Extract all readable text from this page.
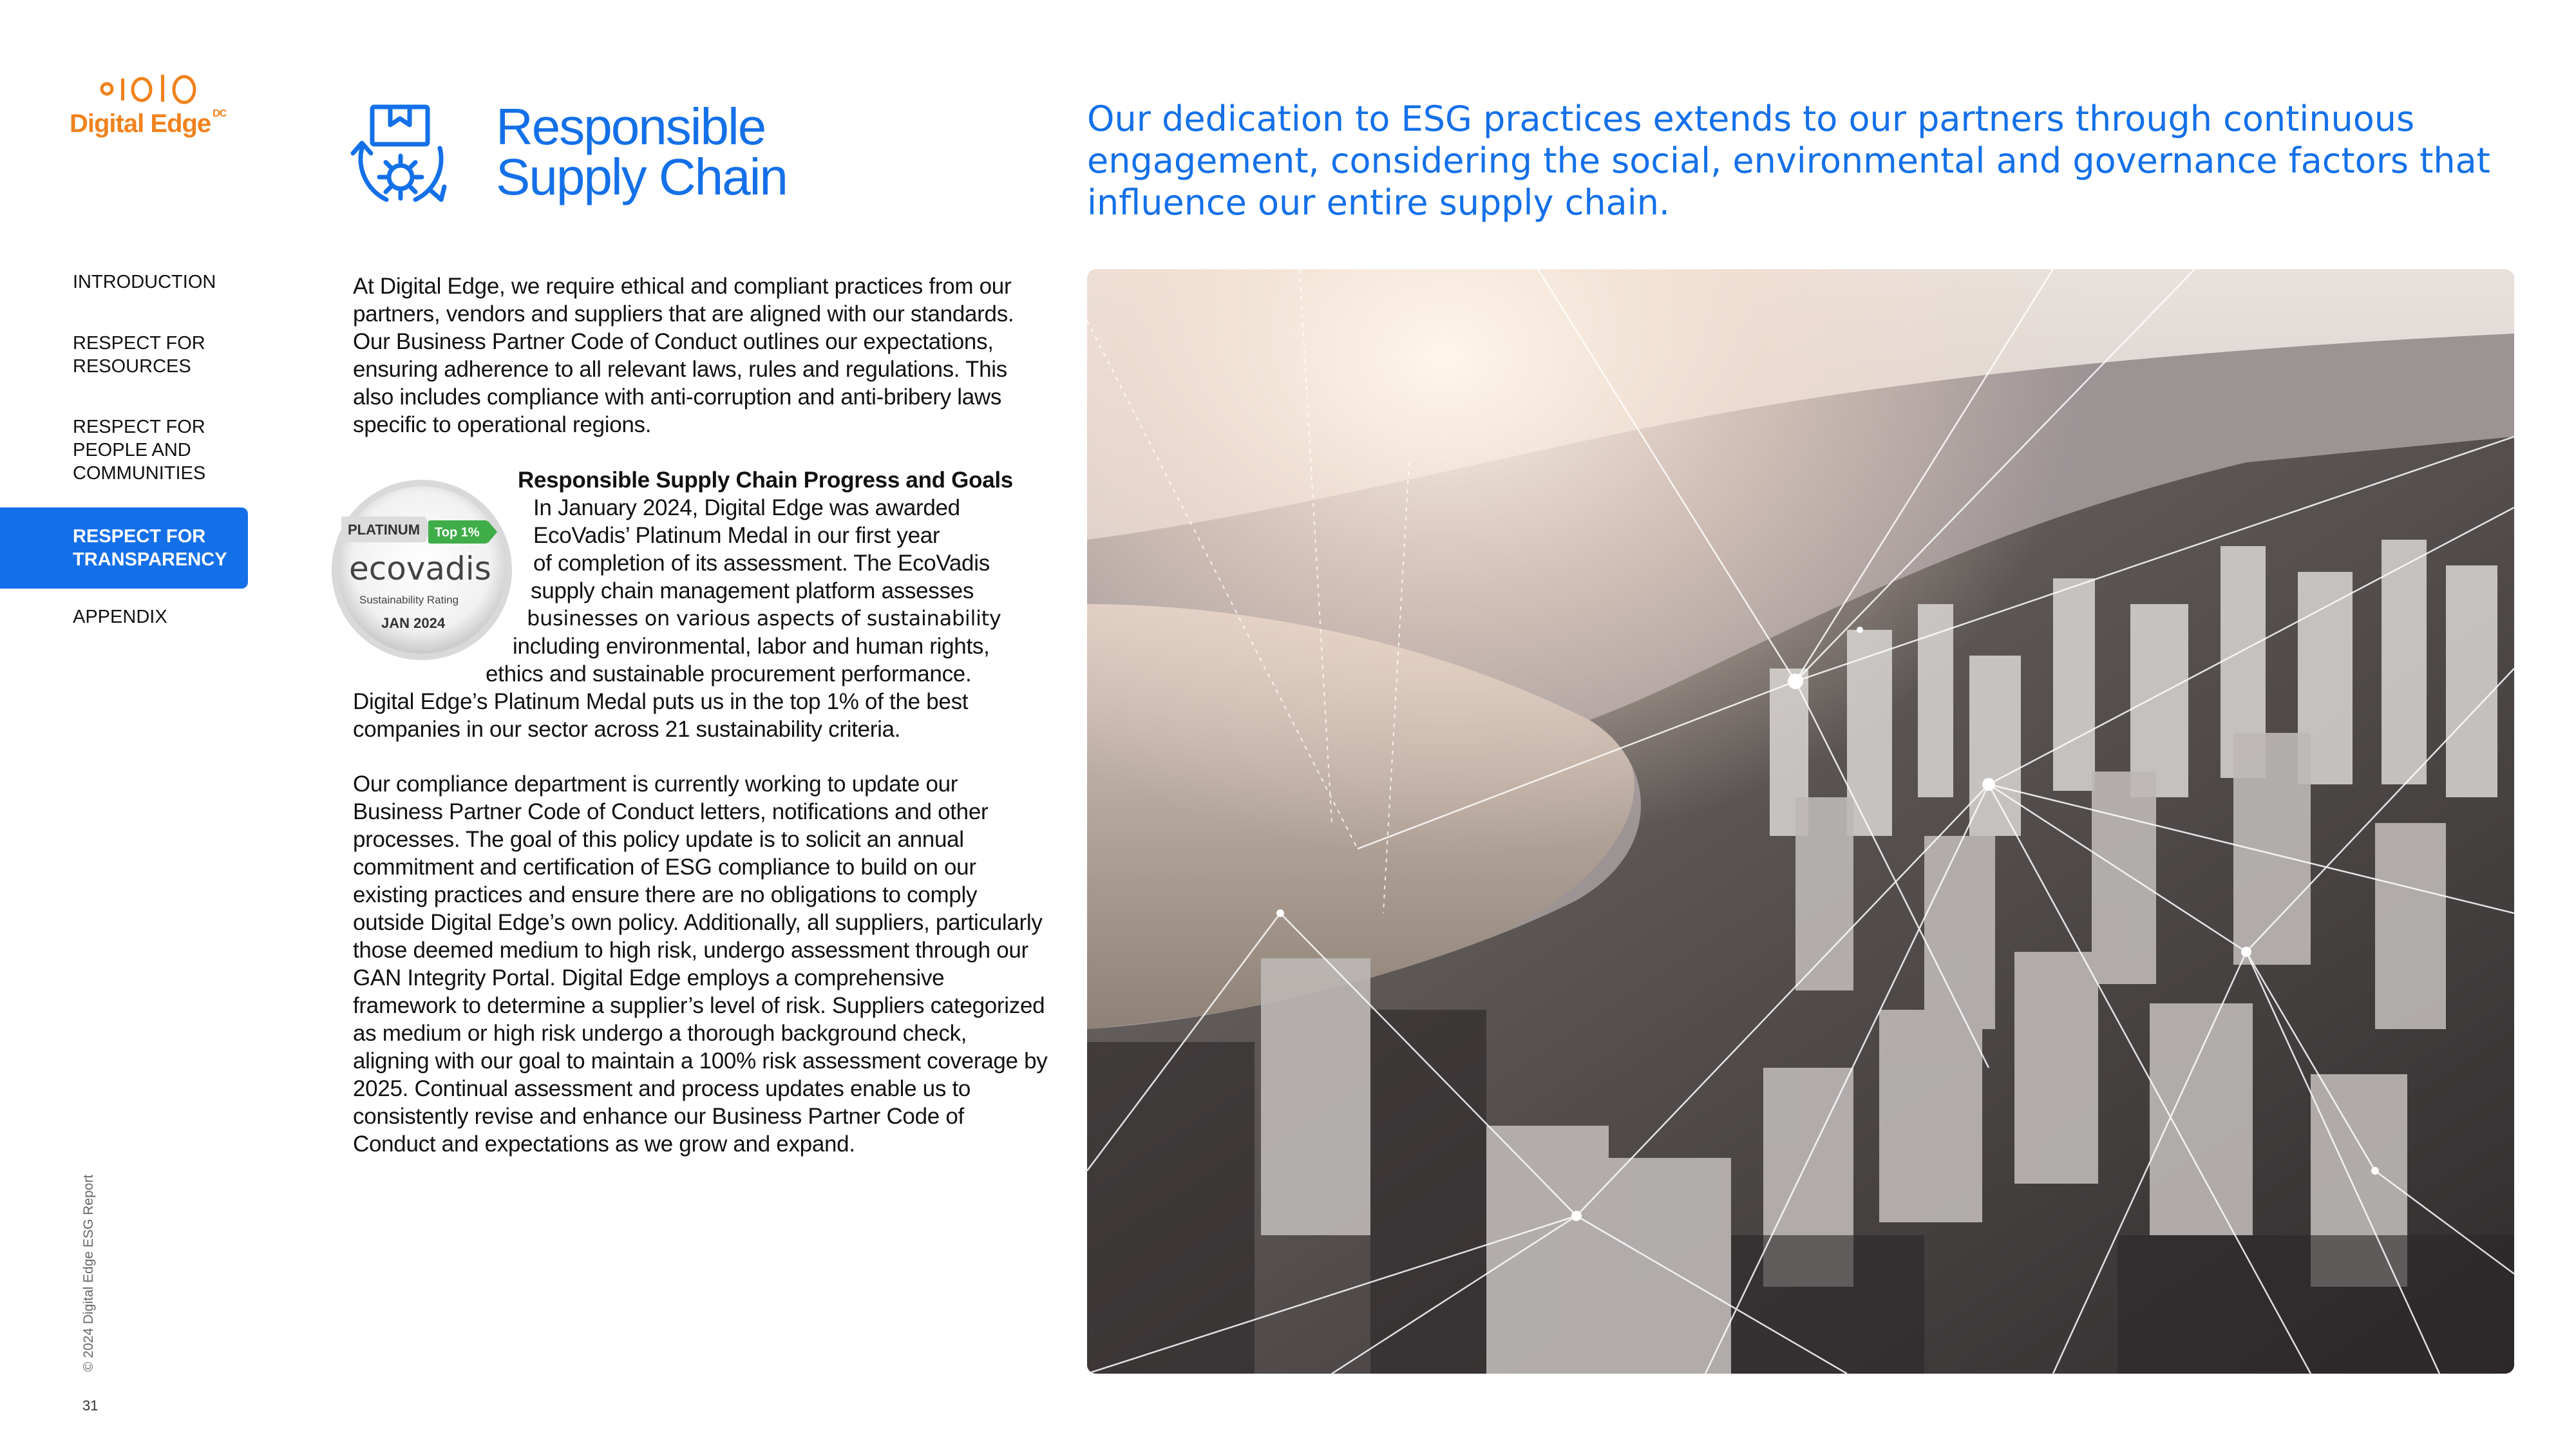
Digital Edge $^{DC}$
INTRODUCTION
RESPECT FOR RESOURCES
RESPECT FOR PEOPLE AND COMMUNITIES
RESPECT FOR TRANSPARENCY
APPENDIX
© 2024 Digital Edge ESG Report
31
Responsible
Supply Chain
Our dedication to ESG practices extends to our partners through continuous engagement, considering the social, environmental and governance factors that influence our entire supply chain.
At Digital Edge, we require ethical and compliant practices from our partners, vendors and suppliers that are aligned with our standards. Our Business Partner Code of Conduct outlines our expectations, ensuring adherence to all relevant laws, rules and regulations. This also includes compliance with anti-corruption and anti-bribery laws specific to operational regions.
Responsible Supply Chain Progress and Goals
In January 2024, Digital Edge was awarded
EcoVadis’ Platinum Medal in our first year
of completion of its assessment. The EcoVadis
supply chain management platform assesses
businesses on various aspects of sustainability
including environmental, labor and human rights,
ethics and sustainable procurement performance.
Digital Edge’s Platinum Medal puts us in the top 1% of the best
companies in our sector across 21 sustainability criteria.
PLATINUM Top 1%
ecovadis
Sustainability Rating
JAN 2024
Our compliance department is currently working to update our Business Partner Code of Conduct letters, notifications and other processes. The goal of this policy update is to solicit an annual commitment and certification of ESG compliance to build on our existing practices and ensure there are no obligations to comply outside Digital Edge’s own policy. Additionally, all suppliers, particularly those deemed medium to high risk, undergo assessment through our GAN Integrity Portal. Digital Edge employs a comprehensive framework to determine a supplier’s level of risk. Suppliers categorized as medium or high risk undergo a thorough background check, aligning with our goal to maintain a 100% risk assessment coverage by 2025. Continual assessment and process updates enable us to consistently revise and enhance our Business Partner Code of Conduct and expectations as we grow and expand.
